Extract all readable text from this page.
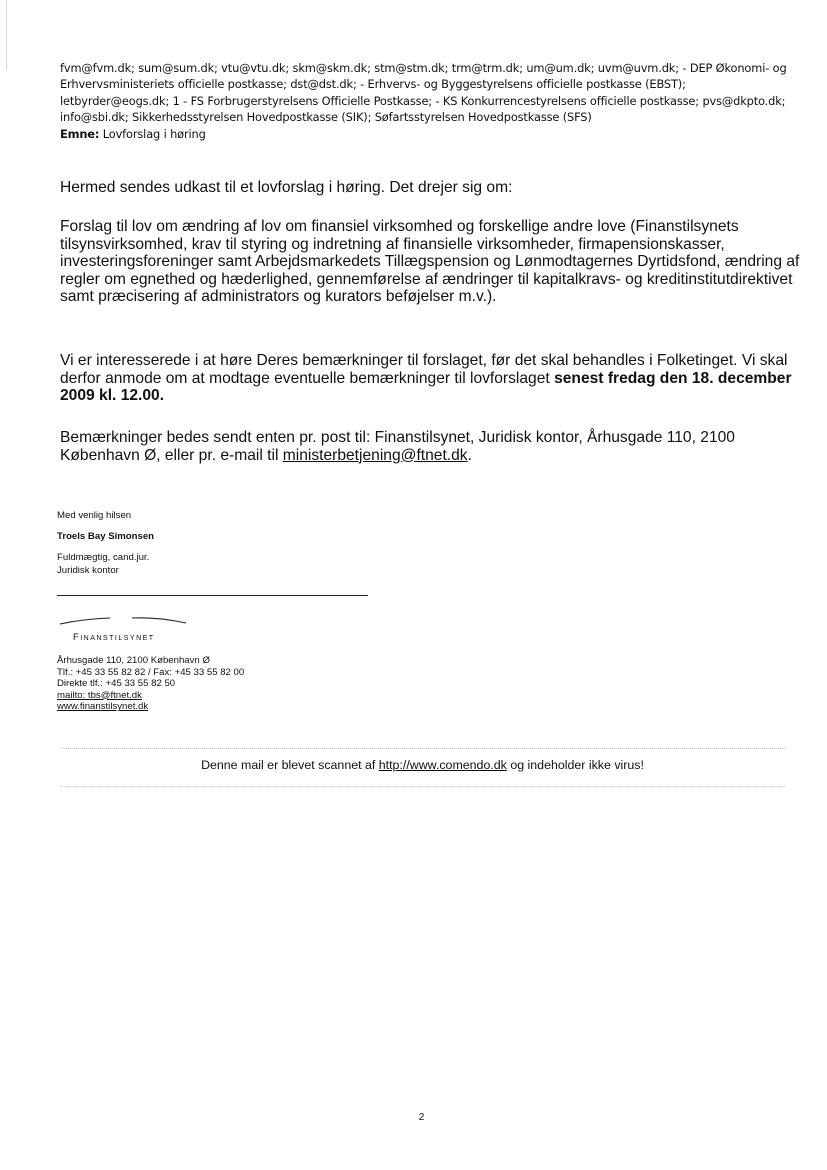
fvm@fvm.dk; sum@sum.dk; vtu@vtu.dk; skm@skm.dk; stm@stm.dk; trm@trm.dk; um@um.dk; uvm@uvm.dk; - DEP Økonomi- og Erhvervsministeriets officielle postkasse; dst@dst.dk; - Erhvervs- og Byggestyrelsens officielle postkasse (EBST); letbyrder@eogs.dk; 1 - FS Forbrugerstyrelsens Officielle Postkasse; - KS Konkurrencestyrelsens officielle postkasse; pvs@dkpto.dk; info@sbi.dk; Sikkerhedsstyrelsen Hovedpostkasse (SIK); Søfartsstyrelsen Hovedpostkasse (SFS)
Emne: Lovforslag i høring
Hermed sendes udkast til et lovforslag i høring. Det drejer sig om:
Forslag til lov om ændring af lov om finansiel virksomhed og forskellige andre love (Finanstilsynets tilsynsvirksomhed, krav til styring og indretning af finansielle virksomheder, firmapensionskasser, investeringsforeninger samt Arbejdsmarkedets Tillægspension og Lønmodtagernes Dyrtidsfond, ændring af regler om egnethed og hæderlighed, gennemførelse af ændringer til kapitalkravs- og kreditinstitutdirektivet samt præcisering af administrators og kurators beføjelser m.v.).
Vi er interesserede i at høre Deres bemærkninger til forslaget, før det skal behandles i Folketinget. Vi skal derfor anmode om at modtage eventuelle bemærkninger til lovforslaget senest fredag den 18. december 2009 kl. 12.00.
Bemærkninger bedes sendt enten pr. post til: Finanstilsynet, Juridisk kontor, Århusgade 110, 2100 København Ø, eller pr. e-mail til ministerbetjening@ftnet.dk.
Med venlig hilsen
Troels Bay Simonsen
Fuldmægtig, cand.jur.
Juridisk kontor
Finanstilsynet
Århusgade 110, 2100 København Ø
Tlf.: +45 33 55 82 82 / Fax: +45 33 55 82 00
Direkte tlf.: +45 33 55 82 50
mailto: tbs@ftnet.dk
www.finanstilsynet.dk
Denne mail er blevet scannet af http://www.comendo.dk og indeholder ikke virus!
2
